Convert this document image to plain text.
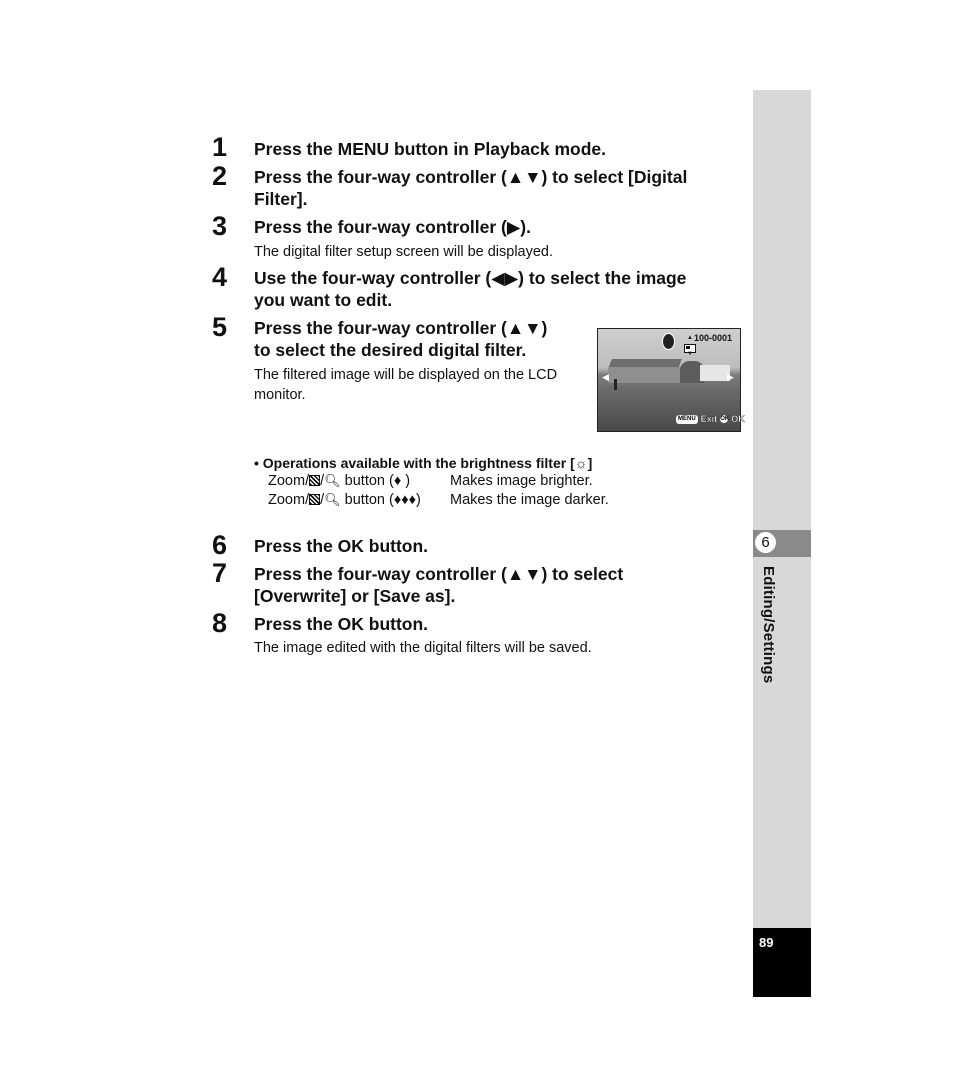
6
Editing/Settings
89
1 Press the MENU button in Playback mode.
2 Press the four-way controller (▲▼) to select [Digital
Filter].
3 Press the four-way controller (▶).
The digital filter setup screen will be displayed.
4 Use the four-way controller (◀▶) to select the image
you want to edit.
5 Press the four-way controller (▲▼)
to select the desired digital filter.
The filtered image will be displayed on the LCD
monitor.
▲
▼
100-0001
◀	▶
MENU Exit OK OK
• Operations available with the brightness filter [☼]
Zoom/ /🔍︎ button (♦ )	Makes image brighter.
Zoom/ /🔍︎ button (♦♦♦)	Makes the image darker.
6 Press the OK button.
7 Press the four-way controller (▲▼) to select
[Overwrite] or [Save as].
8 Press the OK button.
The image edited with the digital filters will be saved.
